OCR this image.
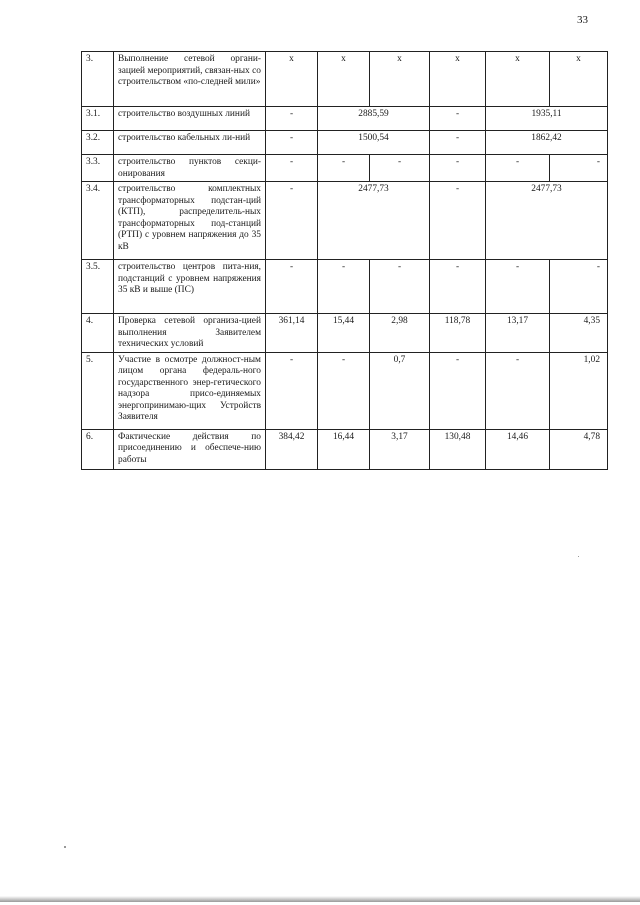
33
3.	Выполнение сетевой органи-зацией мероприятий, связан-ных со строительством «по-следней мили»	x	x	x	x	x	x
3.1.	строительство воздушных линий	-	2885,59		-	1935,11	
3.2.	строительство кабельных ли-ний	-	1500,54		-	1862,42	
3.3.	строительство пунктов секци-онирования	-	-	-	-	-	-
3.4.	строительство комплектных трансформаторных подстан-ций (КТП), распределитель-ных трансформаторных под-станций (РТП) с уровнем напряжения до 35 кВ	-	2477,73		-	2477,73	
3.5.	строительство центров пита-ния, подстанций с уровнем напряжения 35 кВ и выше (ПС)	-	-	-	-	-	-
4.	Проверка сетевой организа-цией выполнения Заявителем технических условий	361,14	15,44	2,98	118,78	13,17	4,35
5.	Участие в осмотре должност-ным лицом органа федераль-ного государственного энер-гетического надзора присо-единяемых энергопринимаю-щих Устройств Заявителя	-	-	0,7	-	-	1,02
6.	Фактические действия по присоединению и обеспече-нию работы	384,42	16,44	3,17	130,48	14,46	4,78
